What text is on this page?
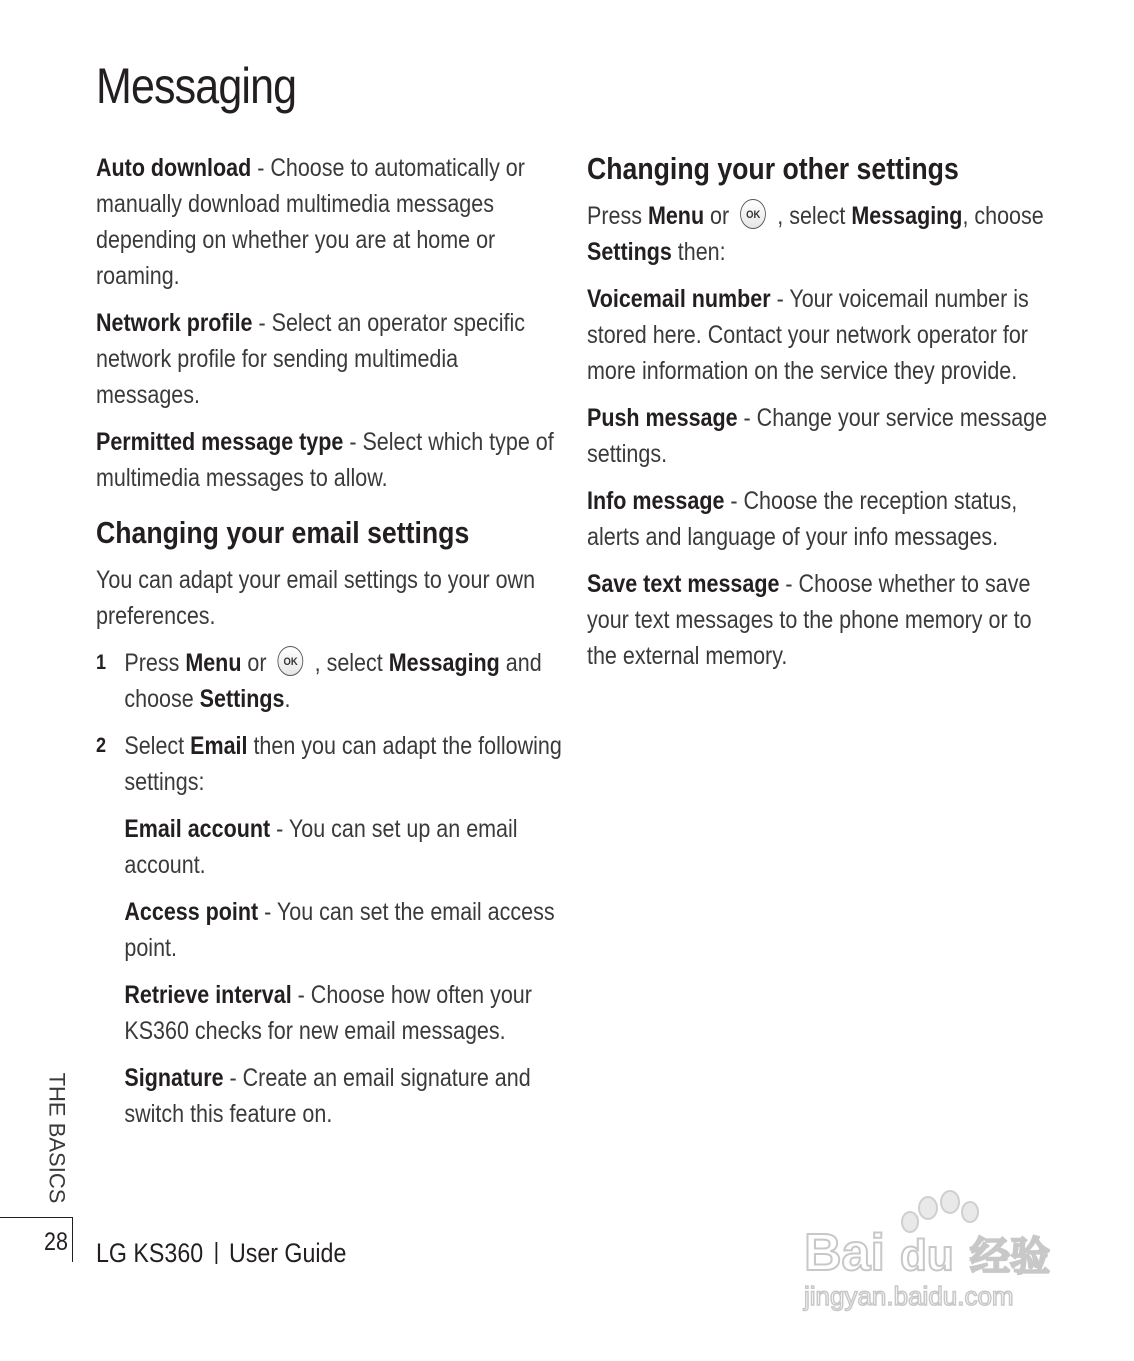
Messaging

Auto download - Choose to automatically or manually download multimedia messages depending on whether you are at home or roaming.

Network profile - Select an operator specific network profile for sending multimedia messages.

Permitted message type - Select which type of multimedia messages to allow.

Changing your email settings

You can adapt your email settings to your own preferences.

1 Press Menu or OK , select Messaging and choose Settings.
2 Select Email then you can adapt the following settings:

Email account - You can set up an email account.

Access point - You can set the email access point.

Retrieve interval - Choose how often your KS360 checks for new email messages.

Signature - Create an email signature and switch this feature on.

Changing your other settings

Press Menu or OK , select Messaging, choose Settings then:

Voicemail number - Your voicemail number is stored here. Contact your network operator for more information on the service they provide.

Push message - Change your service message settings.

Info message - Choose the reception status, alerts and language of your info messages.

Save text message - Choose whether to save your text messages to the phone memory or to the external memory.

THE BASICS
28 LG KS360 User Guide	Bai du 经验
jingyan.baidu.com
